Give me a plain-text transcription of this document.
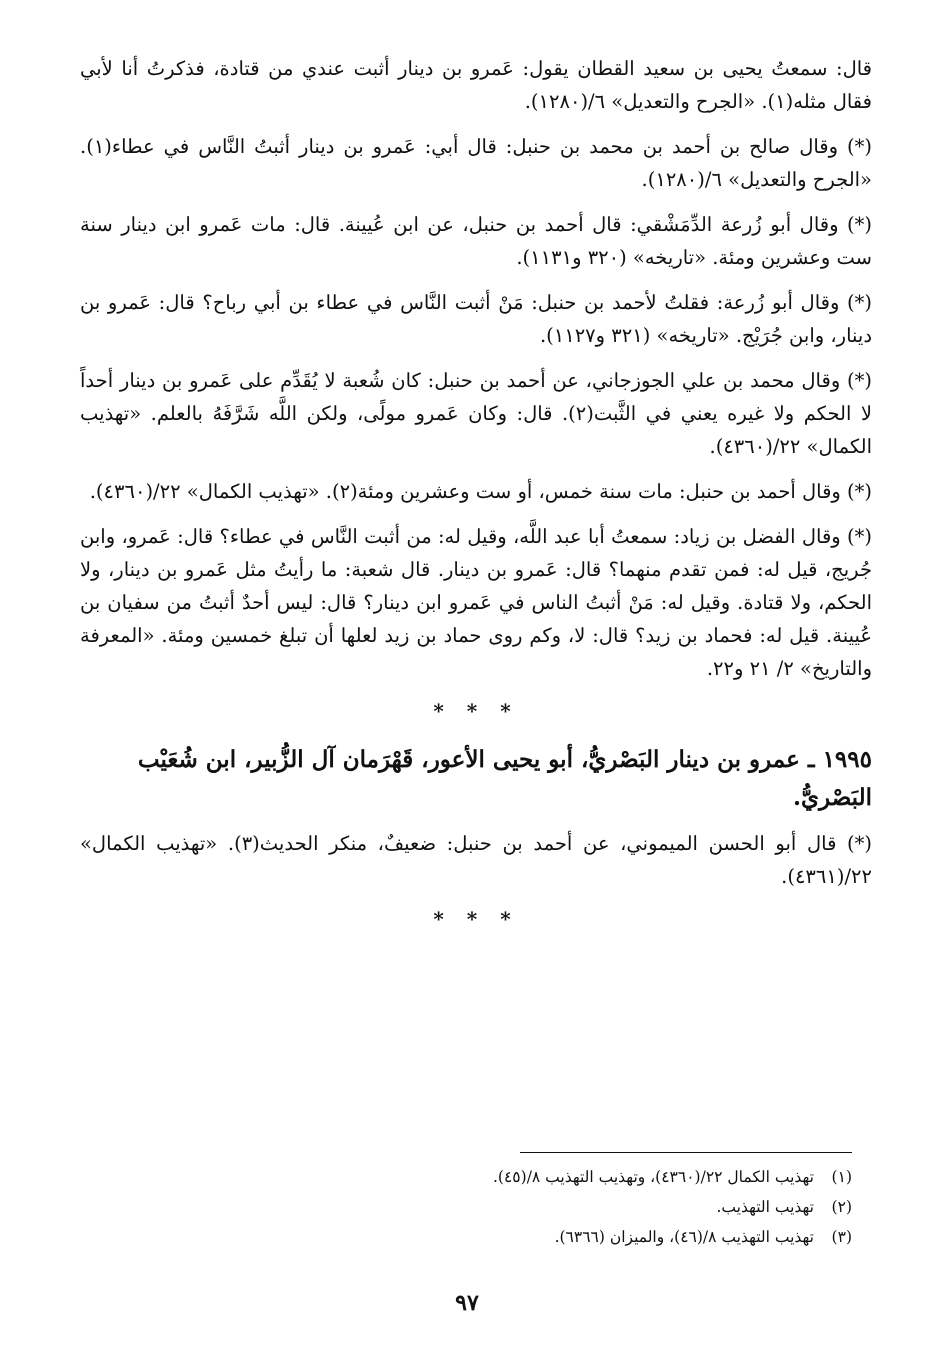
قال: سمعتُ يحيى بن سعيد القطان يقول: عَمرو بن دينار أثبت عندي من قتادة، فذكرتُ أنا لأبي فقال مثله(١). «الجرح والتعديل» ٦/(١٢٨٠).

(*) وقال صالح بن أحمد بن محمد بن حنبل: قال أبي: عَمرو بن دينار أثبتُ النَّاس في عطاء(١). «الجرح والتعديل» ٦/(١٢٨٠).

(*) وقال أبو زُرعة الدِّمَشْقي: قال أحمد بن حنبل، عن ابن عُيينة. قال: مات عَمرو ابن دينار سنة ست وعشرين ومئة. «تاريخه» (٣٢٠ و١١٣١).

(*) وقال أبو زُرعة: فقلتُ لأحمد بن حنبل: مَنْ أثبت النَّاس في عطاء بن أبي رباح؟ قال: عَمرو بن دينار، وابن جُرَيْج. «تاريخه» (٣٢١ و١١٢٧).

(*) وقال محمد بن علي الجوزجاني، عن أحمد بن حنبل: كان شُعبة لا يُقَدِّم على عَمرو بن دينار أحداً لا الحكم ولا غيره يعني في الثَّبت(٢). قال: وكان عَمرو مولًى، ولكن اللَّه شَرَّفَهُ بالعلم. «تهذيب الكمال» ٢٢/(٤٣٦٠).

(*) وقال أحمد بن حنبل: مات سنة خمس، أو ست وعشرين ومئة(٢). «تهذيب الكمال» ٢٢/(٤٣٦٠).

(*) وقال الفضل بن زياد: سمعتُ أبا عبد اللَّه، وقيل له: من أثبت النَّاس في عطاء؟ قال: عَمرو، وابن جُريج، قيل له: فمن تقدم منهما؟ قال: عَمرو بن دينار. قال شعبة: ما رأيتُ مثل عَمرو بن دينار، ولا الحكم، ولا قتادة. وقيل له: مَنْ أثبتُ الناس في عَمرو ابن دينار؟ قال: ليس أحدٌ أثبتُ من سفيان بن عُيينة. قيل له: فحماد بن زيد؟ قال: لا، وكم روى حماد بن زيد لعلها أن تبلغ خمسين ومئة. «المعرفة والتاريخ» ٢/ ٢١ و٢٢.

* * *
١٩٩٥ ـ عمرو بن دينار البَصْريُّ، أبو يحيى الأعور، قَهْرَمان آل الزُّبير، ابن شُعَيْب البَصْريُّ.

(*) قال أبو الحسن الميموني، عن أحمد بن حنبل: ضعيفٌ، منكر الحديث(٣). «تهذيب الكمال» ٢٢/(٤٣٦١).

* * *
(١)
تهذيب الكمال ٢٢/(٤٣٦٠)، وتهذيب التهذيب ٨/(٤٥).
(٢)
تهذيب التهذيب.
(٣)
تهذيب التهذيب ٨/(٤٦)، والميزان (٦٣٦٦).
٩٧
